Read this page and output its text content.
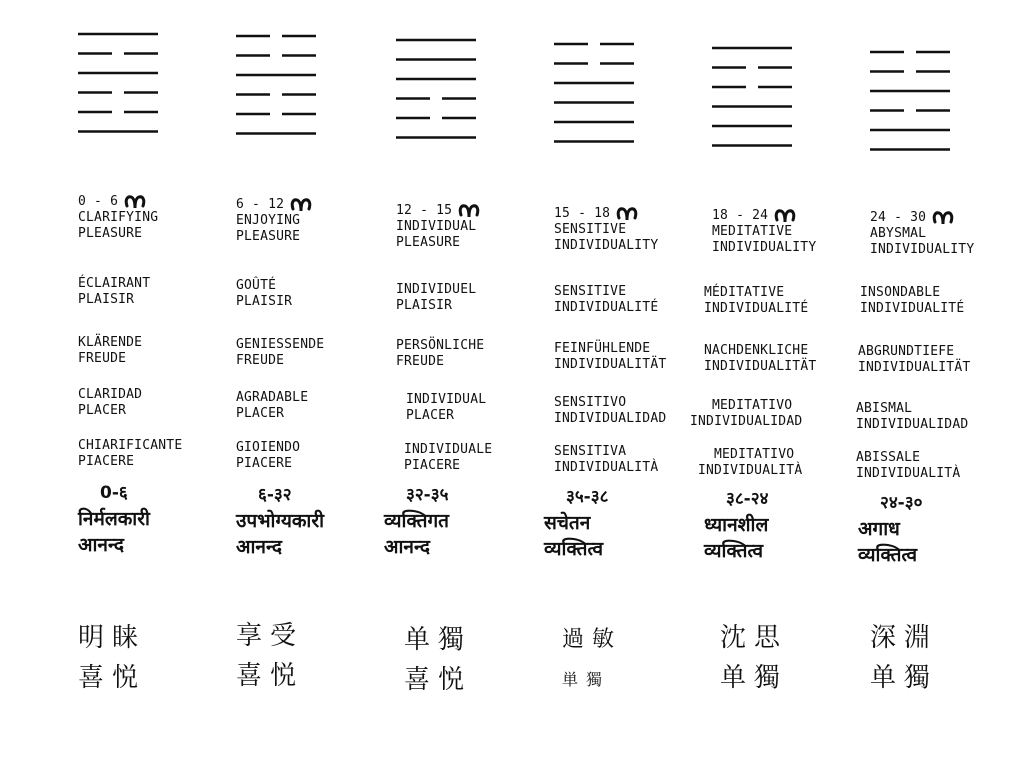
0 - 6
CLARIFYING
PLEASURE
ÉCLAIRANT
PLAISIR
KLÄRENDE
FREUDE
CLARIDAD
PLACER
CHIARIFICANTE
PIACERE
0-६
निर्मलकारी
आनन्द
明睐
喜悦
6 - 12
ENJOYING
PLEASURE
GOÛTÉ
PLAISIR
GENIESSENDE
FREUDE
AGRADABLE
PLACER
GIOIENDO
PIACERE
६-३२
उपभोग्यकारी
आनन्द
享受
喜悦
12 - 15
INDIVIDUAL
PLEASURE
INDIVIDUEL
PLAISIR
PERSÖNLICHE
FREUDE
INDIVIDUAL
PLACER
INDIVIDUALE
PIACERE
३२-३५
व्यक्तिगत
आनन्द
单獨
喜悦
15 - 18
SENSITIVE
INDIVIDUALITY
SENSITIVE
INDIVIDUALITÉ
FEINFÜHLENDE
INDIVIDUALITÄT
SENSITIVO
INDIVIDUALIDAD
SENSITIVA
INDIVIDUALITÀ
३५-३८
सचेतन
व्यक्तित्व
過敏
単獨
18 - 24
MEDITATIVE
INDIVIDUALITY
MÉDITATIVE
INDIVIDUALITÉ
NACHDENKLICHE
INDIVIDUALITÄT
MEDITATIVO
INDIVIDUALIDAD
MEDITATIVO
INDIVIDUALITÀ
३८-२४
ध्यानशील
व्यक्तित्व
沈思
单獨
24 - 30
ABYSMAL
INDIVIDUALITY
INSONDABLE
INDIVIDUALITÉ
ABGRUNDTIEFE
INDIVIDUALITÄT
ABISMAL
INDIVIDUALIDAD
ABISSALE
INDIVIDUALITÀ
२४-३०
अगाध
व्यक्तित्व
深淵
单獨
